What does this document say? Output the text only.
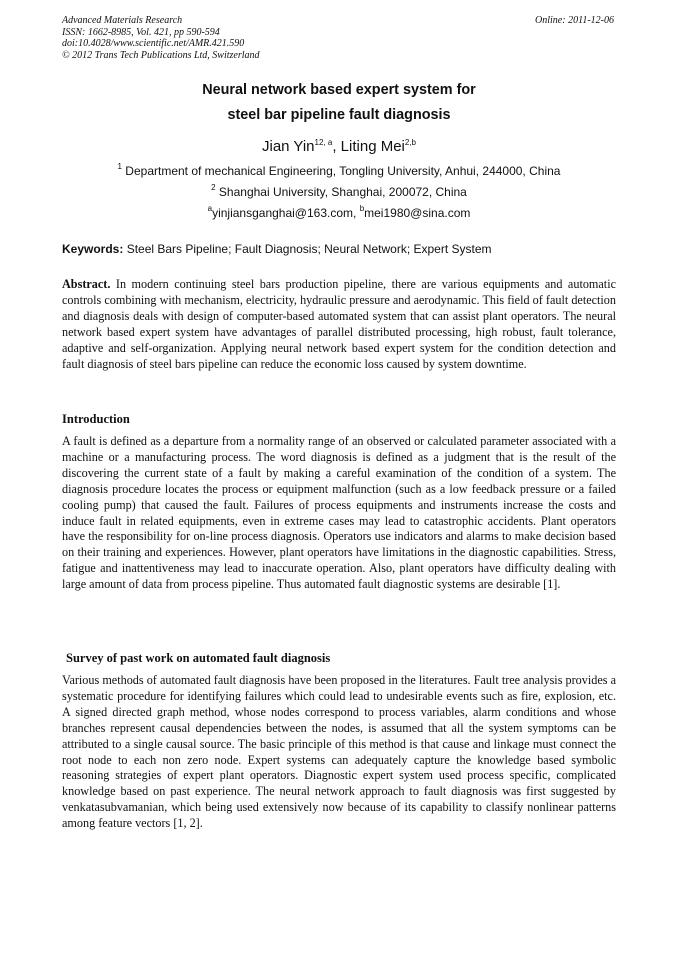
Advanced Materials Research
ISSN: 1662-8985, Vol. 421, pp 590-594
doi:10.4028/www.scientific.net/AMR.421.590
© 2012 Trans Tech Publications Ltd, Switzerland
Online: 2011-12-06
Neural network based expert system for
steel bar pipeline fault diagnosis
Jian Yin$^{12, a}$, Liting Mei$^{2,b}$
$^1$ Department of mechanical Engineering, Tongling University, Anhui, 244000, China
$^2$ Shanghai University, Shanghai, 200072, China
$^a$yinjiansganghai@163.com, $^b$mei1980@sina.com
Keywords: Steel Bars Pipeline; Fault Diagnosis; Neural Network; Expert System

Abstract. In modern continuing steel bars production pipeline, there are various equipments and automatic controls combining with mechanism, electricity, hydraulic pressure and aerodynamic. This field of fault detection and diagnosis deals with design of computer-based automated system that can assist plant operators. The neural network based expert system have advantages of parallel distributed processing, high robust, fault tolerance, adaptive and self-organization. Applying neural network based expert system for the condition detection and fault diagnosis of steel bars pipeline can reduce the economic loss caused by system downtime.

Introduction

A fault is defined as a departure from a normality range of an observed or calculated parameter associated with a machine or a manufacturing process. The word diagnosis is defined as a judgment that is the result of the discovering the current state of a fault by making a careful examination of the condition of a system. The diagnosis procedure locates the process or equipment malfunction (such as a low feedback pressure or a failed cooling pump) that caused the fault. Failures of process equipments and instruments increase the costs and induce fault in related equipments, even in extreme cases may lead to catastrophic accidents. Plant operators have the responsibility for on-line process diagnosis. Operators use indicators and alarms to make decision based on their training and experiences. However, plant operators have limitations in the diagnostic capabilities. Stress, fatigue and inattentiveness may lead to inaccurate operation. Also, plant operators have difficulty dealing with large amount of data from process pipeline. Thus automated fault diagnostic systems are desirable [1].

Survey of past work on automated fault diagnosis

Various methods of automated fault diagnosis have been proposed in the literatures. Fault tree analysis provides a systematic procedure for identifying failures which could lead to undesirable events such as fire, explosion, etc. A signed directed graph method, whose nodes correspond to process variables, alarm conditions and whose branches represent causal dependencies between the nodes, is assumed that all the system symptoms can be attributed to a single causal source. The basic principle of this method is that cause and linkage must connect the root node to each non zero node. Expert systems can adequately capture the knowledge based symbolic reasoning strategies of expert plant operators. Diagnostic expert system used process specific, complicated knowledge based on past experience. The neural network approach to fault diagnosis was first suggested by venkatasubvamanian, which being used extensively now because of its capability to classify nonlinear patterns among feature vectors [1, 2].
